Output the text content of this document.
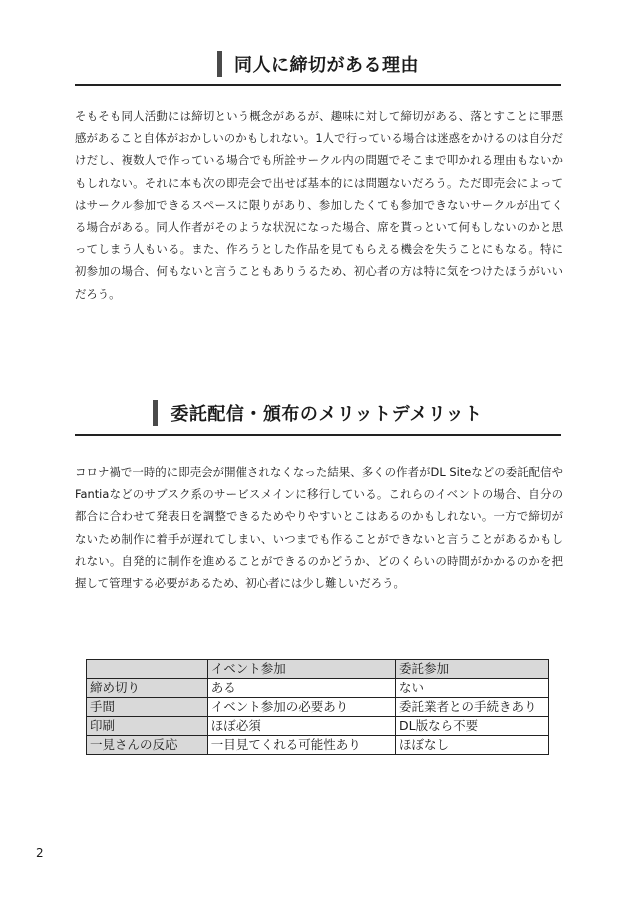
同人に締切がある理由

そもそも同人活動には締切という概念があるが、趣味に対して締切がある、落とすことに罪悪感があること自体がおかしいのかもしれない。1人で行っている場合は迷惑をかけるのは自分だけだし、複数人で作っている場合でも所詮サークル内の問題でそこまで叩かれる理由もないかもしれない。それに本も次の即売会で出せば基本的には問題ないだろう。ただ即売会によってはサークル参加できるスペースに限りがあり、参加したくても参加できないサークルが出てくる場合がある。同人作者がそのような状況になった場合、席を貰っといて何もしないのかと思ってしまう人もいる。また、作ろうとした作品を見てもらえる機会を失うことにもなる。特に初参加の場合、何もないと言うこともありうるため、初心者の方は特に気をつけたほうがいいだろう。

委託配信・頒布のメリットデメリット

コロナ禍で一時的に即売会が開催されなくなった結果、多くの作者がDL Siteなどの委託配信やFantiaなどのサブスク系のサービスメインに移行している。これらのイベントの場合、自分の都合に合わせて発表日を調整できるためやりやすいとこはあるのかもしれない。一方で締切がないため制作に着手が遅れてしまい、いつまでも作ることができないと言うことがあるかもしれない。自発的に制作を進めることができるのかどうか、どのくらいの時間がかかるのかを把握して管理する必要があるため、初心者には少し難しいだろう。

	イベント参加	委託参加
締め切り	ある	ない
手間	イベント参加の必要あり	委託業者との手続きあり
印刷	ほぼ必須	DL版なら不要
一見さんの反応	一目見てくれる可能性あり	ほぼなし
2
